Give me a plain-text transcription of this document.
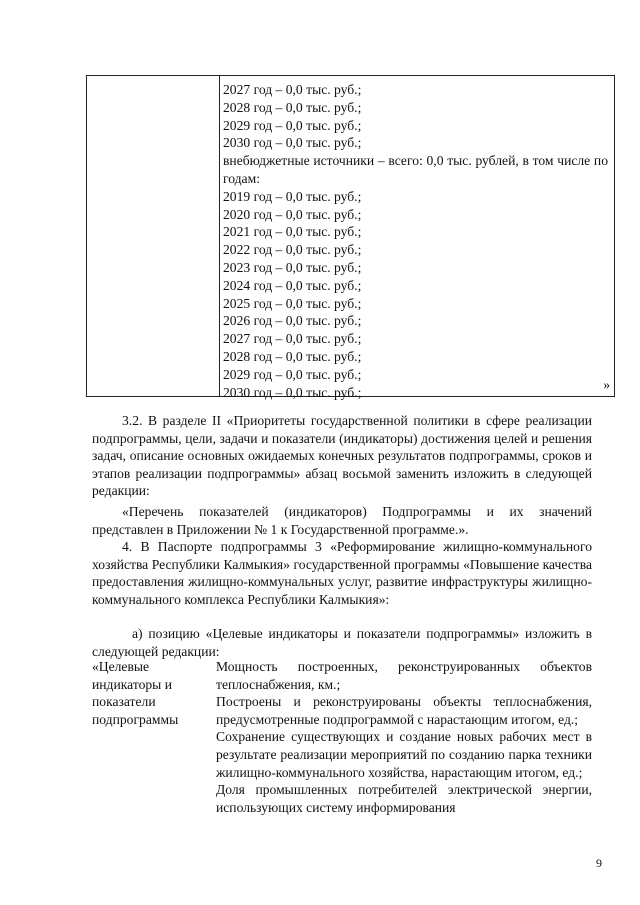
2027 год – 0,0 тыс. руб.;
2028 год – 0,0 тыс. руб.;
2029 год – 0,0 тыс. руб.;
2030 год – 0,0 тыс. руб.;
внебюджетные источники – всего: 0,0 тыс. рублей, в том числе по годам:
2019 год – 0,0 тыс. руб.;
2020 год – 0,0 тыс. руб.;
2021 год – 0,0 тыс. руб.;
2022 год – 0,0 тыс. руб.;
2023 год – 0,0 тыс. руб.;
2024 год – 0,0 тыс. руб.;
2025 год – 0,0 тыс. руб.;
2026 год – 0,0 тыс. руб.;
2027 год – 0,0 тыс. руб.;
2028 год – 0,0 тыс. руб.;
2029 год – 0,0 тыс. руб.;
2030 год – 0,0 тыс. руб.;
»

3.2. В разделе II «Приоритеты государственной политики в сфере реализации подпрограммы, цели, задачи и показатели (индикаторы) достижения целей и решения задач, описание основных ожидаемых конечных результатов подпрограммы, сроков и этапов реализации подпрограммы» абзац восьмой заменить изложить в следующей редакции:

«Перечень показателей (индикаторов) Подпрограммы и их значений представлен в Приложении № 1 к Государственной программе.».

4. В Паспорте подпрограммы 3 «Реформирование жилищно-коммунального хозяйства Республики Калмыкия» государственной программы «Повышение качества предоставления жилищно-коммунальных услуг, развитие инфраструктуры жилищно-коммунального комплекса Республики Калмыкия»:

а) позицию «Целевые индикаторы и показатели подпрограммы» изложить в следующей редакции:

«Целевые индикаторы и показатели подпрограммы
Мощность построенных, реконструированных объектов теплоснабжения, км.;
Построены и реконструированы объекты теплоснабжения, предусмотренные подпрограммой с нарастающим итогом, ед.;
Сохранение существующих и создание новых рабочих мест в результате реализации мероприятий по созданию парка техники жилищно-коммунального хозяйства, нарастающим итогом, ед.;
Доля промышленных потребителей электрической энергии, использующих систему информирования
9
